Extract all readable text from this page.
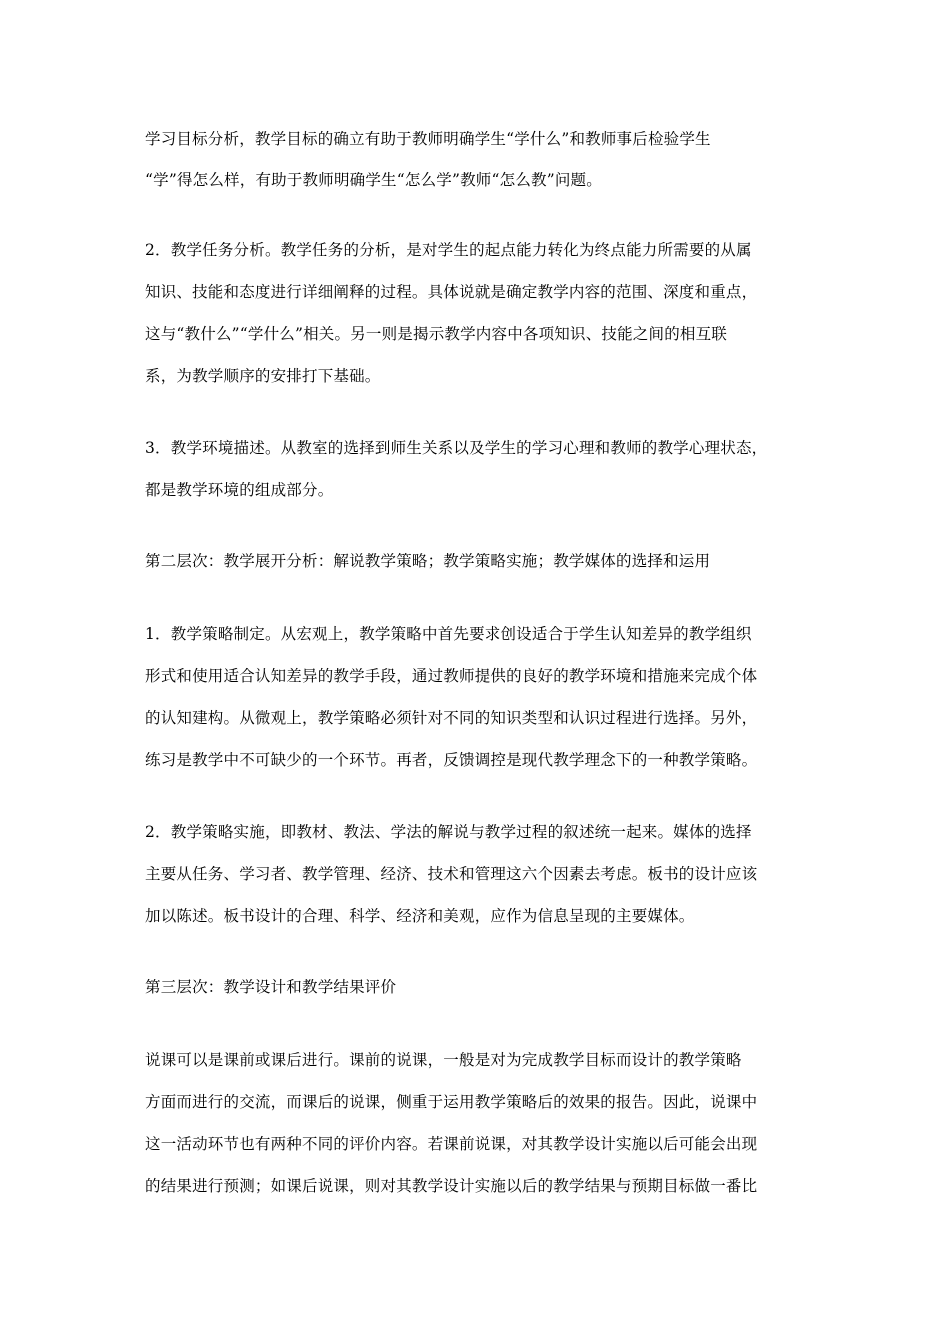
学习目标分析，教学目标的确立有助于教师明确学生“学什么”和教师事后检验学生
“学”得怎么样，有助于教师明确学生“怎么学”教师“怎么教”问题。
2．教学任务分析。教学任务的分析，是对学生的起点能力转化为终点能力所需要的从属
知识、技能和态度进行详细阐释的过程。具体说就是确定教学内容的范围、深度和重点，
这与“教什么”“学什么”相关。另一则是揭示教学内容中各项知识、技能之间的相互联
系，为教学顺序的安排打下基础。
3．教学环境描述。从教室的选择到师生关系以及学生的学习心理和教师的教学心理状态，
都是教学环境的组成部分。
第二层次：教学展开分析：解说教学策略；教学策略实施；教学媒体的选择和运用
1．教学策略制定。从宏观上，教学策略中首先要求创设适合于学生认知差异的教学组织
形式和使用适合认知差异的教学手段，通过教师提供的良好的教学环境和措施来完成个体
的认知建构。从微观上，教学策略必须针对不同的知识类型和认识过程进行选择。另外，
练习是教学中不可缺少的一个环节。再者，反馈调控是现代教学理念下的一种教学策略。
2．教学策略实施，即教材、教法、学法的解说与教学过程的叙述统一起来。媒体的选择
主要从任务、学习者、教学管理、经济、技术和管理这六个因素去考虑。板书的设计应该
加以陈述。板书设计的合理、科学、经济和美观，应作为信息呈现的主要媒体。
第三层次：教学设计和教学结果评价
说课可以是课前或课后进行。课前的说课，一般是对为完成教学目标而设计的教学策略
方面而进行的交流，而课后的说课，侧重于运用教学策略后的效果的报告。因此，说课中
这一活动环节也有两种不同的评价内容。若课前说课，对其教学设计实施以后可能会出现
的结果进行预测；如课后说课，则对其教学设计实施以后的教学结果与预期目标做一番比
